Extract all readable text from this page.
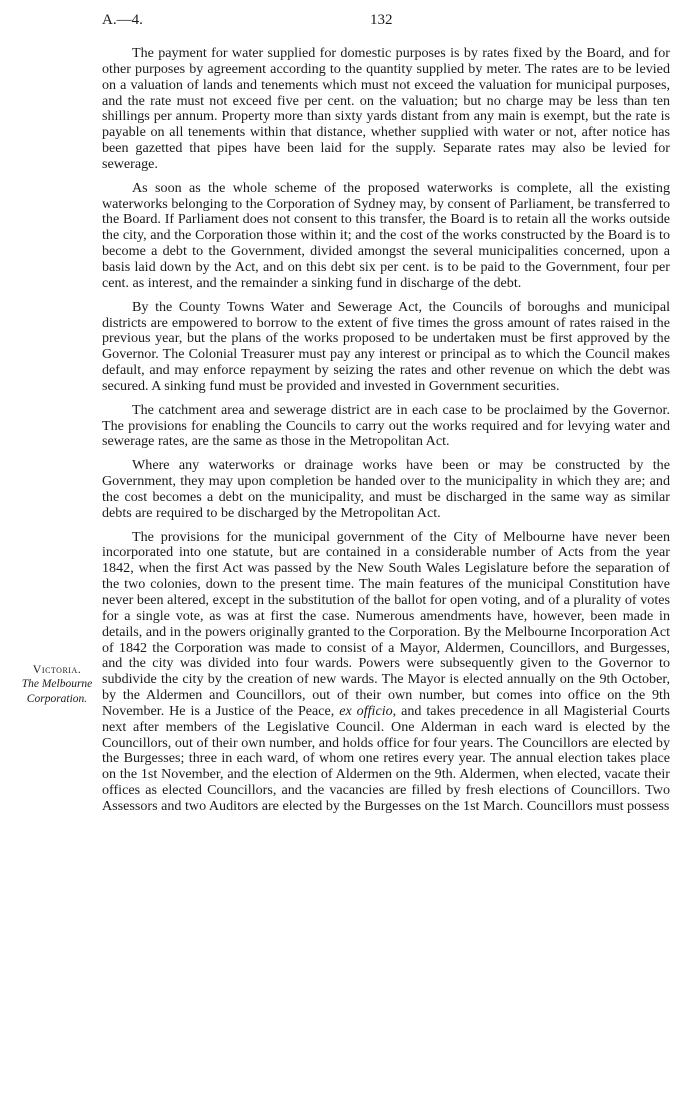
A.—4.	132
Victoria.
The Melbourne
Corporation.

The payment for water supplied for domestic purposes is by rates fixed by the Board, and for other purposes by agreement according to the quantity supplied by meter. The rates are to be levied on a valuation of lands and tenements which must not exceed the valuation for municipal purposes, and the rate must not exceed five per cent. on the valuation; but no charge may be less than ten shillings per annum. Property more than sixty yards distant from any main is exempt, but the rate is payable on all tenements within that distance, whether supplied with water or not, after notice has been gazetted that pipes have been laid for the supply. Separate rates may also be levied for sewerage.

As soon as the whole scheme of the proposed waterworks is complete, all the existing waterworks belonging to the Corporation of Sydney may, by consent of Parliament, be transferred to the Board. If Parliament does not consent to this transfer, the Board is to retain all the works outside the city, and the Corporation those within it; and the cost of the works constructed by the Board is to become a debt to the Government, divided amongst the several municipalities concerned, upon a basis laid down by the Act, and on this debt six per cent. is to be paid to the Government, four per cent. as interest, and the remainder a sinking fund in discharge of the debt.

By the County Towns Water and Sewerage Act, the Councils of boroughs and municipal districts are empowered to borrow to the extent of five times the gross amount of rates raised in the previous year, but the plans of the works proposed to be undertaken must be first approved by the Governor. The Colonial Treasurer must pay any interest or principal as to which the Council makes default, and may enforce repayment by seizing the rates and other revenue on which the debt was secured. A sinking fund must be provided and invested in Government securities.

The catchment area and sewerage district are in each case to be proclaimed by the Governor. The provisions for enabling the Councils to carry out the works required and for levying water and sewerage rates, are the same as those in the Metropolitan Act.

Where any waterworks or drainage works have been or may be constructed by the Government, they may upon completion be handed over to the municipality in which they are; and the cost becomes a debt on the municipality, and must be discharged in the same way as similar debts are required to be discharged by the Metropolitan Act.

The provisions for the municipal government of the City of Melbourne have never been incorporated into one statute, but are contained in a considerable number of Acts from the year 1842, when the first Act was passed by the New South Wales Legislature before the separation of the two colonies, down to the present time. The main features of the municipal Constitution have never been altered, except in the substitution of the ballot for open voting, and of a plurality of votes for a single vote, as was at first the case. Numerous amendments have, however, been made in details, and in the powers originally granted to the Corporation. By the Melbourne Incorporation Act of 1842 the Corporation was made to consist of a Mayor, Aldermen, Councillors, and Burgesses, and the city was divided into four wards. Powers were subsequently given to the Governor to subdivide the city by the creation of new wards. The Mayor is elected annually on the 9th October, by the Aldermen and Councillors, out of their own number, but comes into office on the 9th November. He is a Justice of the Peace, ex officio, and takes precedence in all Magisterial Courts next after members of the Legislative Council. One Alderman in each ward is elected by the Councillors, out of their own number, and holds office for four years. The Councillors are elected by the Burgesses; three in each ward, of whom one retires every year. The annual election takes place on the 1st November, and the election of Aldermen on the 9th. Aldermen, when elected, vacate their offices as elected Councillors, and the vacancies are filled by fresh elections of Councillors. Two Assessors and two Auditors are elected by the Burgesses on the 1st March. Councillors must possess
